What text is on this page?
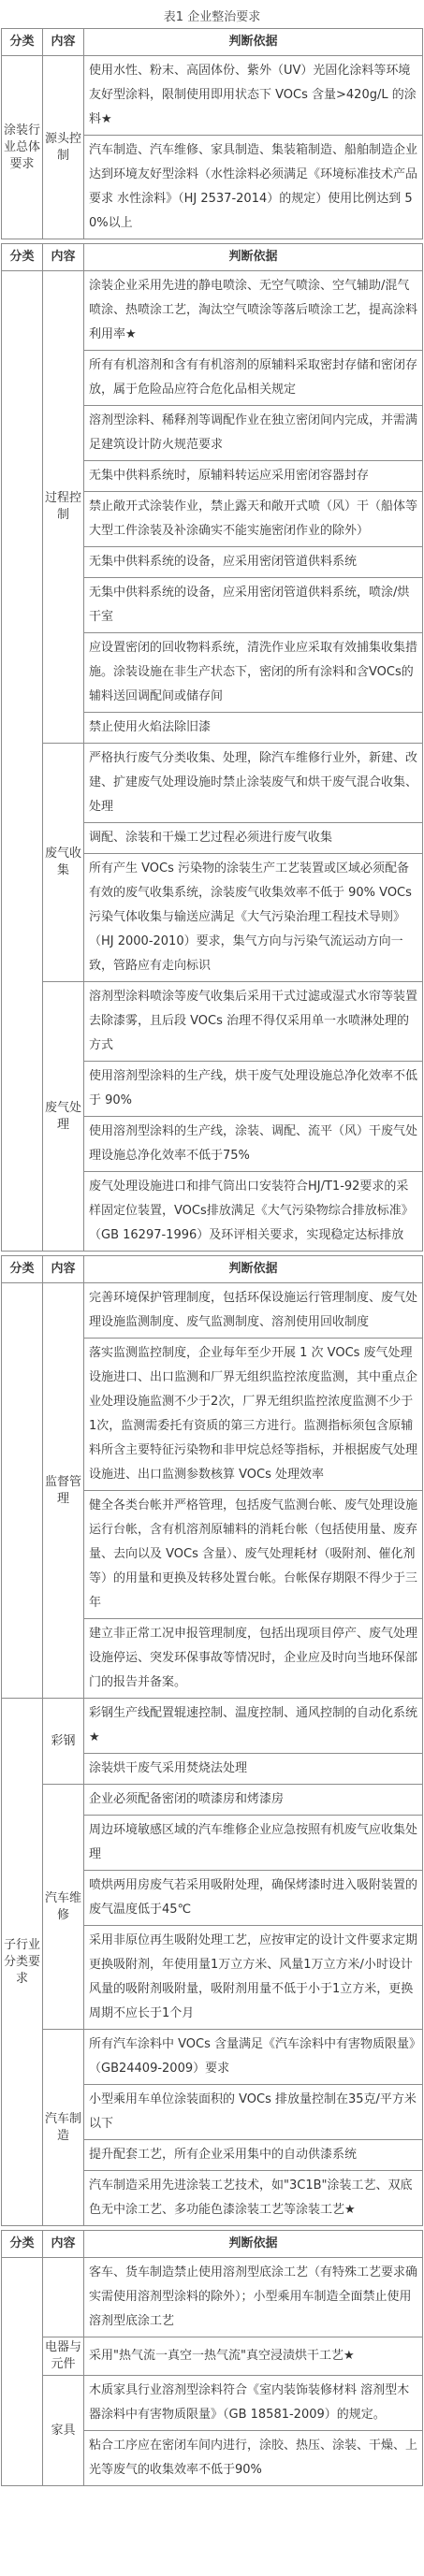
表1 企业整治要求
分类	内容	判断依据
涂装行业总体要求	源头控制	使用水性、粉末、高固体份、紫外（UV）光固化涂料等环境友好型涂料，限制使用即用状态下 VOCs 含量>420g/L 的涂料★
		汽车制造、汽车维修、家具制造、集装箱制造、船舶制造企业达到环境友好型涂料（水性涂料必须满足《环境标准技术产品要求 水性涂料》（HJ 2537-2014）的规定）使用比例达到 50%以上

分类	内容	判断依据
	过程控制	涂装企业采用先进的静电喷涂、无空气喷涂、空气辅助/混气喷涂、热喷涂工艺，淘汰空气喷涂等落后喷涂工艺，提高涂料利用率★
		所有有机溶剂和含有有机溶剂的原辅料采取密封存储和密闭存放，属于危险品应符合危化品相关规定
		溶剂型涂料、稀释剂等调配作业在独立密闭间内完成，并需满足建筑设计防火规范要求
		无集中供料系统时，原辅料转运应采用密闭容器封存
		禁止敞开式涂装作业，禁止露天和敞开式喷（风）干（船体等大型工件涂装及补涂确实不能实施密闭作业的除外）
		无集中供料系统的设备，应采用密闭管道供料系统
		无集中供料系统的设备，应采用密闭管道供料系统，喷涂/烘干室
		应设置密闭的回收物料系统，清洗作业应采取有效捕集收集措施。涂装设施在非生产状态下，密闭的所有涂料和含VOCs的辅料送回调配间或储存间
		禁止使用火焰法除旧漆
	废气收集	严格执行废气分类收集、处理，除汽车维修行业外，新建、改建、扩建废气处理设施时禁止涂装废气和烘干废气混合收集、处理
		调配、涂装和干燥工艺过程必须进行废气收集
		所有产生 VOCs 污染物的涂装生产工艺装置或区域必须配备有效的废气收集系统，涂装废气收集效率不低于 90% VOCs 污染气体收集与输送应满足《大气污染治理工程技术导则》（HJ 2000-2010）要求，集气方向与污染气流运动方向一致，管路应有走向标识
	废气处理	溶剂型涂料喷涂等废气收集后采用干式过滤或湿式水帘等装置去除漆雾，且后段 VOCs 治理不得仅采用单一水喷淋处理的方式
		使用溶剂型涂料的生产线，烘干废气处理设施总净化效率不低于 90%
		使用溶剂型涂料的生产线，涂装、调配、流平（风）干废气处理设施总净化效率不低于75%
		废气处理设施进口和排气筒出口安装符合HJ/T1-92要求的采样固定位装置，VOCs排放满足《大气污染物综合排放标准》（GB 16297-1996）及环评相关要求，实现稳定达标排放

分类	内容	判断依据
	监督管理	完善环境保护管理制度，包括环保设施运行管理制度、废气处理设施监测制度、废气监测制度、溶剂使用回收制度
		落实监测监控制度，企业每年至少开展 1 次 VOCs 废气处理设施进口、出口监测和厂界无组织监控浓度监测，其中重点企业处理设施监测不少于2次，厂界无组织监控浓度监测不少于1次，监测需委托有资质的第三方进行。监测指标须包含原辅料所含主要特征污染物和非甲烷总烃等指标，并根据废气处理设施进、出口监测参数核算 VOCs 处理效率
		健全各类台帐并严格管理，包括废气监测台帐、废气处理设施运行台帐，含有机溶剂原辅料的消耗台帐（包括使用量、废弃量、去向以及 VOCs 含量）、废气处理耗材（吸附剂、催化剂等）的用量和更换及转移处置台帐。台帐保存期限不得少于三年
		建立非正常工况申报管理制度，包括出现项目停产、废气处理设施停运、突发环保事故等情况时，企业应及时向当地环保部门的报告并备案。
子行业分类要求	彩钢	彩钢生产线配置辊速控制、温度控制、通风控制的自动化系统★
		涂装烘干废气采用焚烧法处理
	汽车维修	企业必须配备密闭的喷漆房和烤漆房
		周边环境敏感区域的汽车维修企业应急按照有机废气应收集处理
		喷烘两用房废气若采用吸附处理，确保烤漆时进入吸附装置的废气温度低于45℃
		采用非原位再生吸附处理工艺，应按审定的设计文件要求定期更换吸附剂，年使用量1万立方米、风量1万立方米/小时设计风量的吸附剂吸附量，吸附剂用量不低于小于1立方米，更换周期不应长于1个月
	汽车制造	所有汽车涂料中 VOCs 含量满足《汽车涂料中有害物质限量》（GB24409-2009）要求
		小型乘用车单位涂装面积的 VOCs 排放量控制在35克/平方米以下
		提升配套工艺，所有企业采用集中的自动供漆系统
		汽车制造采用先进涂装工艺技术，如"3C1B"涂装工艺、双底色无中涂工艺、多功能色漆涂装工艺等涂装工艺★

分类	内容	判断依据
		客车、货车制造禁止使用溶剂型底涂工艺（有特殊工艺要求确实需使用溶剂型涂料的除外）；小型乘用车制造全面禁止使用溶剂型底涂工艺
	电器与元件	采用"热气流一真空一热气流"真空浸渍烘干工艺★
	家具	木质家具行业溶剂型涂料符合《室内装饰装修材料 溶剂型木器涂料中有害物质限量》（GB 18581-2009）的规定。
		粘合工序应在密闭车间内进行，涂胶、热压、涂装、干燥、上光等废气的收集效率不低于90%
